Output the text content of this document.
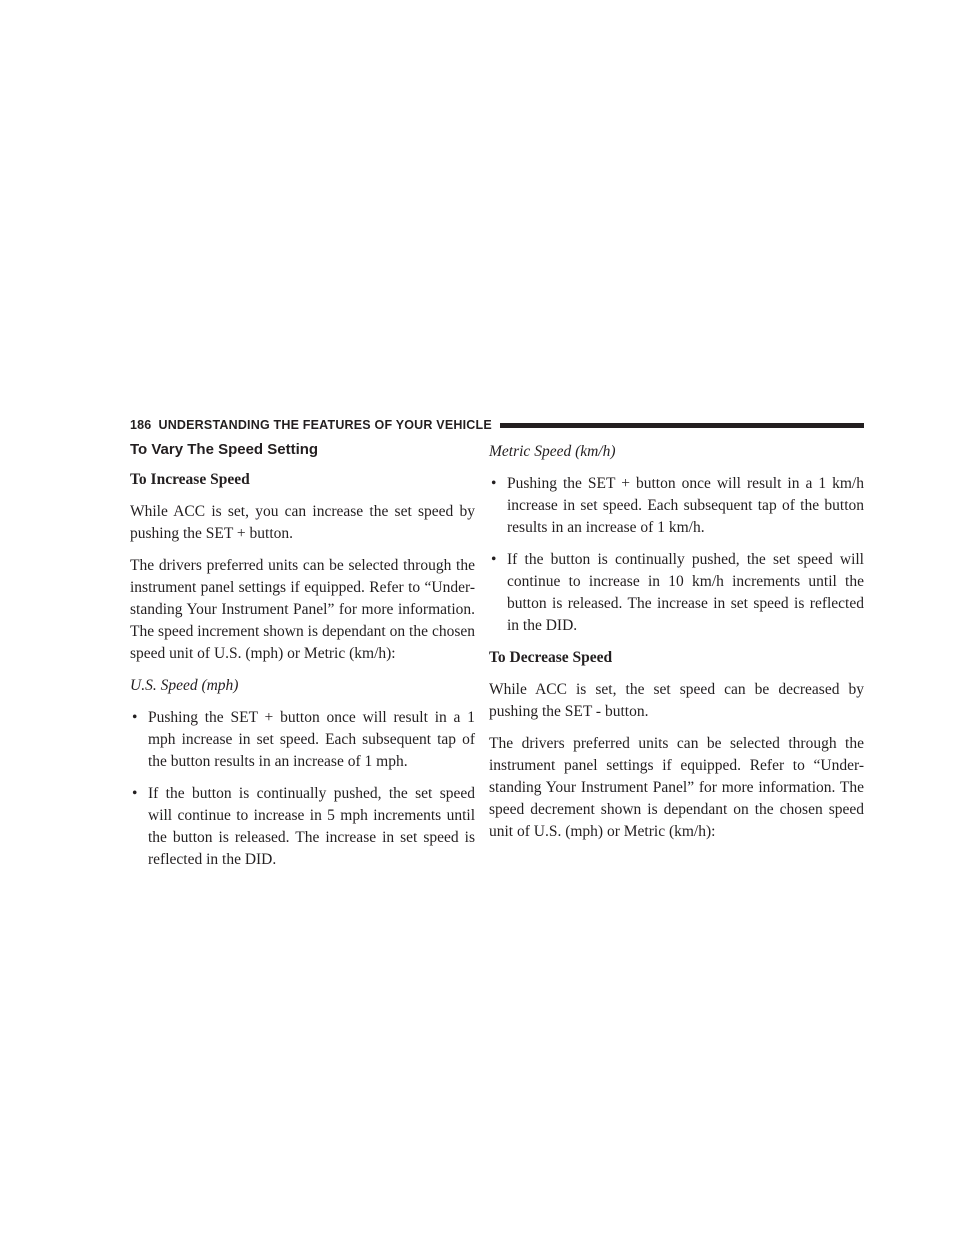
186 UNDERSTANDING THE FEATURES OF YOUR VEHICLE
To Vary The Speed Setting
To Increase Speed

While ACC is set, you can increase the set speed by pushing the SET + button.

The drivers preferred units can be selected through the instrument panel settings if equipped. Refer to “Under-standing Your Instrument Panel” for more information. The speed increment shown is dependant on the chosen speed unit of U.S. (mph) or Metric (km/h):

U.S. Speed (mph)
• Pushing the SET + button once will result in a 1 mph increase in set speed. Each subsequent tap of the button results in an increase of 1 mph.
• If the button is continually pushed, the set speed will continue to increase in 5 mph increments until the button is released. The increase in set speed is reflected in the DID.
Metric Speed (km/h)
• Pushing the SET + button once will result in a 1 km/h increase in set speed. Each subsequent tap of the button results in an increase of 1 km/h.
• If the button is continually pushed, the set speed will continue to increase in 10 km/h increments until the button is released. The increase in set speed is reflected in the DID.
To Decrease Speed

While ACC is set, the set speed can be decreased by pushing the SET - button.

The drivers preferred units can be selected through the instrument panel settings if equipped. Refer to “Under-standing Your Instrument Panel” for more information. The speed decrement shown is dependant on the chosen speed unit of U.S. (mph) or Metric (km/h):
